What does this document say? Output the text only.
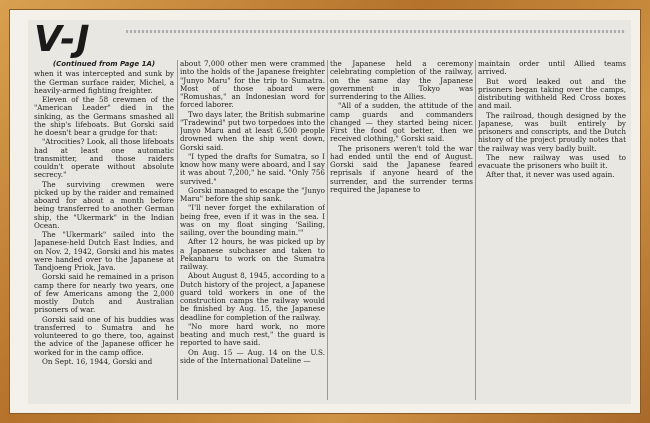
V-J
(Continued from Page 1A)

when it was intercepted and sunk by the German surface raider, Michel, a heavily-armed fighting freighter.

Eleven of the 58 crewmen of the "American Leader" died in the sinking, as the Germans smashed all the ship's lifeboats. But Gorski said he doesn't bear a grudge for that:

"Atrocities? Look, all those lifeboats had at least one automatic transmitter, and those raiders couldn't operate without absolute secrecy."

The surviving crewmen were picked up by the raider and remained aboard for about a month before being transferred to another German ship, the "Ukermark" in the Indian Ocean.

The "Ukermark" sailed into the Japanese-held Dutch East Indies, and on Nov. 2, 1942, Gorski and his mates were handed over to the Japanese at Tandjoeng Priok, Java.

Gorski said he remained in a prison camp there for nearly two years, one of few Americans among the 2,000 mostly Dutch and Australian prisoners of war.

Gorski said one of his buddies was transferred to Sumatra and he volunteered to go there, too, against the advice of the Japanese officer he worked for in the camp office.

On Sept. 16, 1944, Gorski and

about 7,000 other men were crammed into the holds of the Japanese freighter "Junyo Maru" for the trip to Sumatra. Most of those aboard were "Romushas," an Indonesian word for forced laborer.

Two days later, the British submarine "Tradewind" put two torpedoes into the Junyo Maru and at least 6,500 people drowned when the ship went down, Gorski said.

"I typed the drafts for Sumatra, so I know how many were aboard, and I say it was about 7,200," he said. "Only 756 survived."

Gorski managed to escape the "Junyo Maru" before the ship sank.

"I'll never forget the exhilaration of being free, even if it was in the sea. I was on my float singing 'Sailing, sailing, over the bounding main.'"

After 12 hours, he was picked up by a Japanese subchaser and taken to Pekanbaru to work on the Sumatra railway.

About August 8, 1945, according to a Dutch history of the project, a Japanese guard told workers in one of the construction camps the railway would be finished by Aug. 15, the Japanese deadline for completion of the railway.

"No more hard work, no more beating and much rest," the guard is reported to have said.

On Aug. 15 — Aug. 14 on the U.S. side of the International Dateline —

the Japanese held a ceremony celebrating completion of the railway, on the same day the Japanese government in Tokyo was surrendering to the Allies.

"All of a sudden, the attitude of the camp guards and commanders changed — they started being nicer. First the food got better, then we received clothing," Gorski said.

The prisoners weren't told the war had ended until the end of August. Gorski said the Japanese feared reprisals if anyone heard of the surrender, and the surrender terms required the Japanese to

maintain order until Allied teams arrived.

But word leaked out and the prisoners began taking over the camps, distributing withheld Red Cross boxes and mail.

The railroad, though designed by the Japanese, was built entirely by prisoners and conscripts, and the Dutch history of the project proudly notes that the railway was very badly built.

The new railway was used to evacuate the prisoners who built it.

After that, it never was used again.
